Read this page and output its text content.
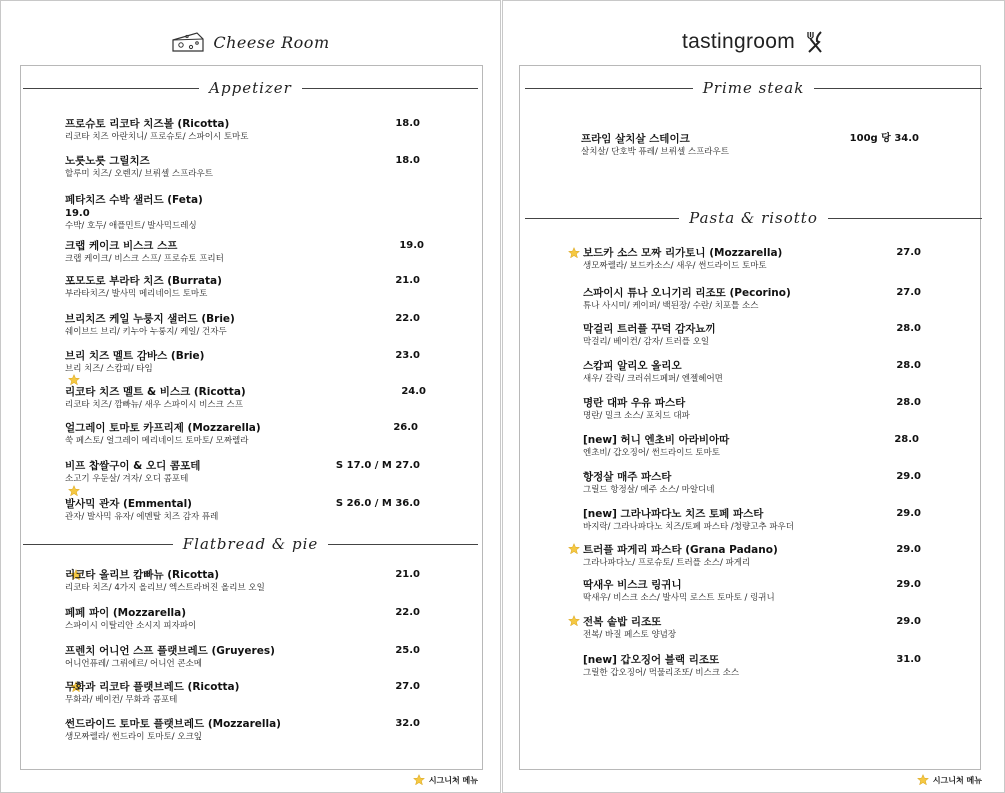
Cheese Room
Appetizer
프로슈토 리코타 치즈볼 (Ricotta)
리코타 치즈 아란치니/ 프로슈토/ 스파이시 토마토
18.0
노릇노릇 그릴치즈
할루미 치즈/ 오렌지/ 브뤼셀 스프라우트
18.0
페타치즈 수박 샐러드 (Feta)
19.0
수박/ 호두/ 애플민트/ 발사믹드레싱
크랩 케이크 비스크 스프
크랩 케이크/ 비스크 스프/ 프로슈토 프리터
19.0
포모도로 부라타 치즈 (Burrata)
부라타치즈/ 발사믹 메리네이드 토마토
21.0
브리치즈 케일 누룽지 샐러드 (Brie)
쉐이브드 브리/ 키누아 누룽지/ 케일/ 건자두
22.0
브리 치즈 멜트 감바스 (Brie)
브리 치즈/ 스캄피/ 타임
23.0
리코타 치즈 멜트 & 비스크 (Ricotta)
리코타 치즈/ 깜빠뉴/ 새우 스파이시 비스크 스프
24.0
얼그레이 토마토 카프리제 (Mozzarella)
쑥 페스토/ 얼그레이 메리네이드 토마토/ 모짜렐라
26.0
비프 찹쌀구이 & 오디 콤포테
소고기 우둔살/ 겨자/ 오디 콤포테
S 17.0 / M 27.0
발사믹 관자 (Emmental)
관자/ 발사믹 유자/ 에멘탈 치즈 감자 퓨레
S 26.0 / M 36.0
Flatbread & pie
리코타 올리브 캄빠뉴 (Ricotta)
리코타 치즈/ 4가지 올리브/ 엑스트라버진 올리브 오일
21.0
페페 파이 (Mozzarella)
스파이시 이탈리안 소시지 피자파이
22.0
프렌치 어니언 스프 플랫브레드 (Gruyeres)
어니언퓨레/ 그뤼에르/ 어니언 콘소메
25.0
무화과 리코타 플랫브레드 (Ricotta)
무화과/ 베이컨/ 무화과 콤포테
27.0
썬드라이드 토마토 플랫브레드 (Mozzarella)
생모짜렐라/ 썬드라이 토마토/ 오크잎
32.0
시그니처 메뉴
tastingroom
Prime steak
프라임 살치살 스테이크
살치살/ 단호박 퓨레/ 브뤼셀 스프라우트
100g 당 34.0
Pasta & risotto
보드카 소스 모짜 리가토니 (Mozzarella)
생모짜렐라/ 보드카소스/ 새우/ 썬드라이드 토마토
27.0
스파이시 튜나 오니기리 리조또 (Pecorino)
튜나 사시미/ 케이퍼/ 백된장/ 수란/ 치포틀 소스
27.0
막걸리 트러플 꾸덕 감자뇨끼
막걸리/ 베이컨/ 감자/ 트러플 오일
28.0
스캄피 알리오 올리오
새우/ 갈릭/ 크러쉬드페퍼/ 엔젤헤어면
28.0
명란 대파 우유 파스타
명란/ 밀크 소스/ 포치드 대파
28.0
[new] 허니 엔초비 아라비아따
엔초비/ 갑오징어/ 썬드라이드 토마토
28.0
항정살 매주 파스타
그릴드 항정살/ 메주 소스/ 마알디네
29.0
[new] 그라나파다노 치즈 토페 파스타
바지락/ 그라나파다노 치즈/토페 파스타 /청량고추 파우더
29.0
트러플 파게리 파스타 (Grana Padano)
그라나파다노/ 프로슈토/ 트러플 소스/ 파게리
29.0
딱새우 비스크 링귀니
딱새우/ 비스크 소스/ 발사믹 로스트 토마토 / 링귀니
29.0
전복 솥밥 리조또
전복/ 바질 페스토 양념장
29.0
[new] 갑오징어 블랙 리조또
그릴한 갑오징어/ 먹물리조또/ 비스크 소스
31.0
시그니처 메뉴
